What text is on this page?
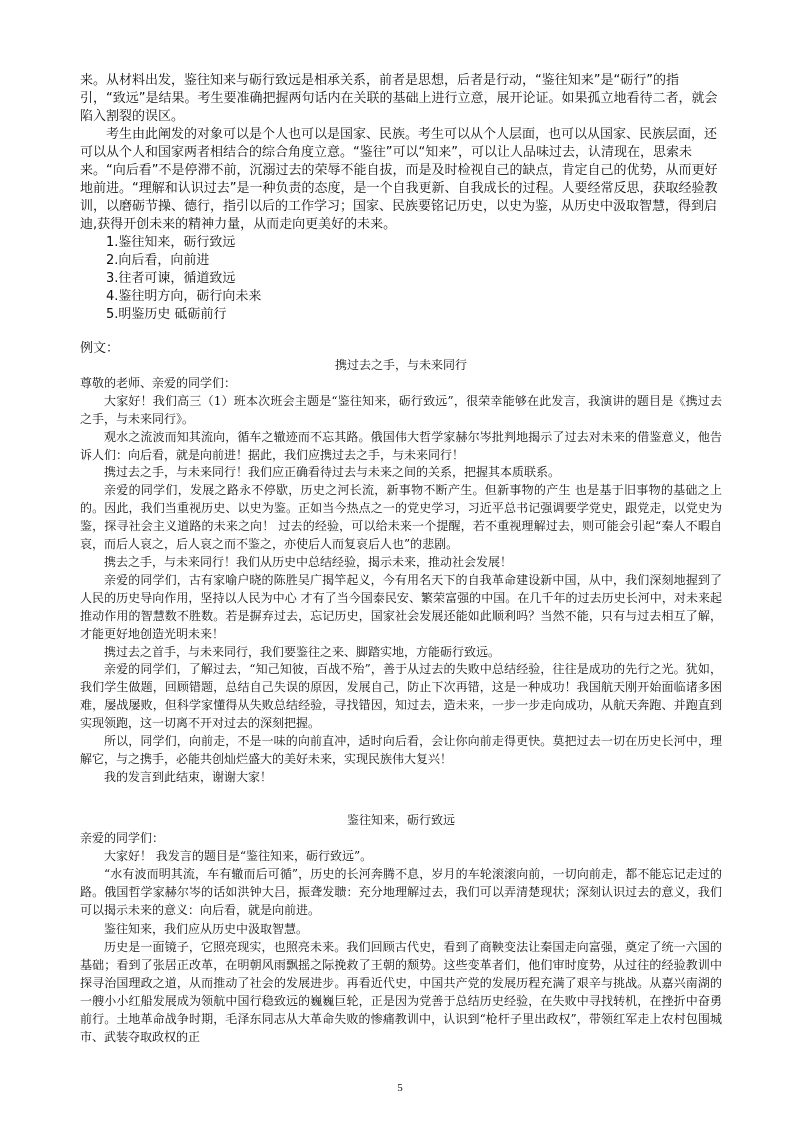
来。从材料出发，鉴往知来与砺行致远是相承关系，前者是思想，后者是行动，“鉴往知来”是“砺行”的指引，“致远”是结果。考生要准确把握两句话内在关联的基础上进行立意，展开论证。如果孤立地看待二者，就会陷入割裂的误区。

考生由此阐发的对象可以是个人也可以是国家、民族。考生可以从个人层面，也可以从国家、民族层面，还可以从个人和国家两者相结合的综合角度立意。“鉴往”可以“知来”，可以让人品味过去，认清现在，思索未来。“向后看”不是停滞不前，沉溺过去的荣辱不能自拔，而是及时检视自己的缺点，肯定自己的优势，从而更好地前进。“理解和认识过去”是一种负责的态度，是一个自我更新、自我成长的过程。人要经常反思，获取经验教训，以磨砺节操、德行，指引以后的工作学习；国家、民族要铭记历史，以史为鉴，从历史中汲取智慧，得到启迪,获得开创未来的精神力量，从而走向更美好的未来。

1.鉴往知来，砺行致远
2.向后看，向前进
3.往者可谏，循道致远
4.鉴往明方向，砺行向未来
5.明鉴历史 砥砺前行
例文：

携过去之手，与未来同行

尊敬的老师、亲爱的同学们：

大家好！我们高三（1）班本次班会主题是“鉴往知来，砺行致远”，很荣幸能够在此发言，我演讲的题目是《携过去之手，与未来同行》。

观水之流波而知其流向，循车之辙迹而不忘其路。俄国伟大哲学家赫尔岑批判地揭示了过去对未来的借鉴意义，他告诉人们：向后看，就是向前进！据此，我们应携过去之手，与未来同行！

携过去之手，与未来同行！我们应正确看待过去与未来之间的关系，把握其本质联系。

亲爱的同学们，发展之路永不停歇，历史之河长流，新事物不断产生。但新事物的产生 也是基于旧事物的基础之上的。因此，我们当重视历史、以史为鉴。正如当今热点之一的党史学习，习近平总书记强调要学党史，跟党走，以党史为鉴，探寻社会主义道路的未来之向！ 过去的经验，可以给未来一个提醒，若不重视理解过去，则可能会引起“秦人不暇自哀，而后人哀之，后人哀之而不鉴之，亦使后人而复哀后人也”的悲剧。

携去之手，与未来同行！我们从历史中总结经验，揭示未来，推动社会发展！

亲爱的同学们，古有家喻户晓的陈胜吴广揭竿起义，今有用名天下的自我革命建设新中国，从中，我们深刻地握到了人民的历史导向作用，坚持以人民为中心 才有了当今国泰民安、繁荣富强的中国。在几千年的过去历史长河中，对未来起推动作用的智慧数不胜数。若是摒弃过去，忘记历史，国家社会发展还能如此顺利吗？当然不能，只有与过去相互了解，才能更好地创造光明未来！

携过去之首手，与未来同行，我们要鉴往之来、脚踏实地，方能砺行致远。

亲爱的同学们，了解过去，“知己知彼，百战不殆”，善于从过去的失败中总结经验，往往是成功的先行之光。犹如，我们学生做题，回顾错题，总结自己失误的原因，发展自己，防止下次再错，这是一种成功！我国航天刚开始面临诸多困难，屡战屡败，但科学家懂得从失败总结经验，寻找错因，知过去，造未来，一步一步走向成功，从航天奔跑、并跑直到实现领跑，这一切离不开对过去的深刻把握。

所以，同学们，向前走，不是一味的向前直冲，适时向后看，会让你向前走得更快。莫把过去一切在历史长河中，理解它，与之携手，必能共创灿烂盛大的美好未来，实现民族伟大复兴！

我的发言到此结束，谢谢大家！

鉴往知来，砺行致远

亲爱的同学们：

大家好！ 我发言的题目是“鉴往知来，砺行致远”。

“水有波而明其流，车有辙而后可循”，历史的长河奔腾不息，岁月的车轮滚滚向前，一切向前走，都不能忘记走过的路。俄国哲学家赫尔岑的话如洪钟大吕，振聋发聩：充分地理解过去，我们可以弄清楚现状；深刻认识过去的意义，我们可以揭示未来的意义：向后看，就是向前进。

鉴往知来，我们应从历史中汲取智慧。

历史是一面镜子，它照亮现实，也照亮未来。我们回顾古代史，看到了商鞅变法让秦国走向富强，奠定了统一六国的基础；看到了张居正改革，在明朝风雨飘摇之际挽救了王朝的颓势。这些变革者们，他们审时度势，从过往的经验教训中探寻治国理政之道，从而推动了社会的发展进步。再看近代史，中国共产党的发展历程充满了艰辛与挑战。从嘉兴南湖的一艘小小红船发展成为领航中国行稳致远的巍巍巨轮，正是因为党善于总结历史经验，在失败中寻找转机，在挫折中奋勇前行。土地革命战争时期，毛泽东同志从大革命失败的惨痛教训中，认识到“枪杆子里出政权”，带领红军走上农村包围城市、武装夺取政权的正

5
